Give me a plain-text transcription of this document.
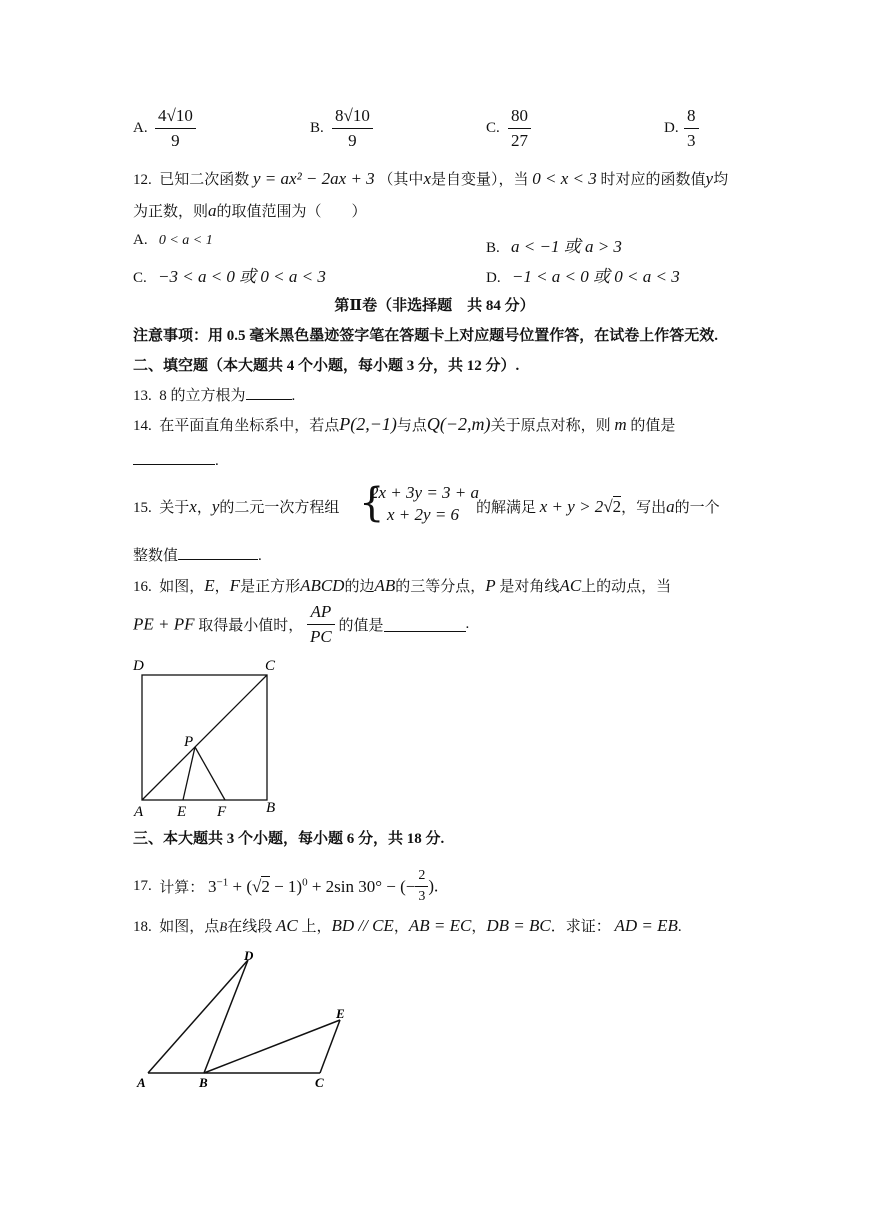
A. $\frac{4√10}{9}$	B. $\frac{8√10}{9}$	C. $\frac{80}{27}$	D. $\frac{8}{3}$
12. 已知二次函数 y = ax² − 2ax + 3 （其中x是自变量），当 0 < x < 3 时对应的函数值y均
为正数，则a的取值范围为（　　）
A. 0 < a < 1	B. a < −1 或 a > 3
C. −3 < a < 0 或 0 < a < 3	D. −1 < a < 0 或 0 < a < 3
第Ⅱ卷（非选择题　共 84 分）
注意事项：用 0.5 毫米黑色墨迹签字笔在答题卡上对应题号位置作答，在试卷上作答无效.
二、填空题（本大题共 4 个小题，每小题 3 分，共 12 分）.
13. 8 的立方根为	.
14. 在平面直角坐标系中，若点P(2,−1)与点Q(−2,m)关于原点对称，则 m 的值是
.
15. 关于x，y的二元一次方程组 {
2x + 3y = 3 + a
x + 2y = 6	的解满足 x + y > 2√2，写出a的一个
整数值	.
16. 如图，E，F是正方形ABCD的边AB的三等分点，P 是对角线AC上的动点，当
PE + PF 取得最小值时， $\frac{AP}{PC}$ 的值是	.
D	C
P
A E F	B
三、本大题共 3 个小题，每小题 6 分，共 18 分.
17. 计算： $3^{-1} + (√2 - 1)^0 + 2\sin$ 30° − (− $\frac{2}{3}$ ).
18. 如图，点B在线段 AC 上，BD // CE，AB = EC，DB = BC．求证： AD = EB.
D
E
A	B	C
